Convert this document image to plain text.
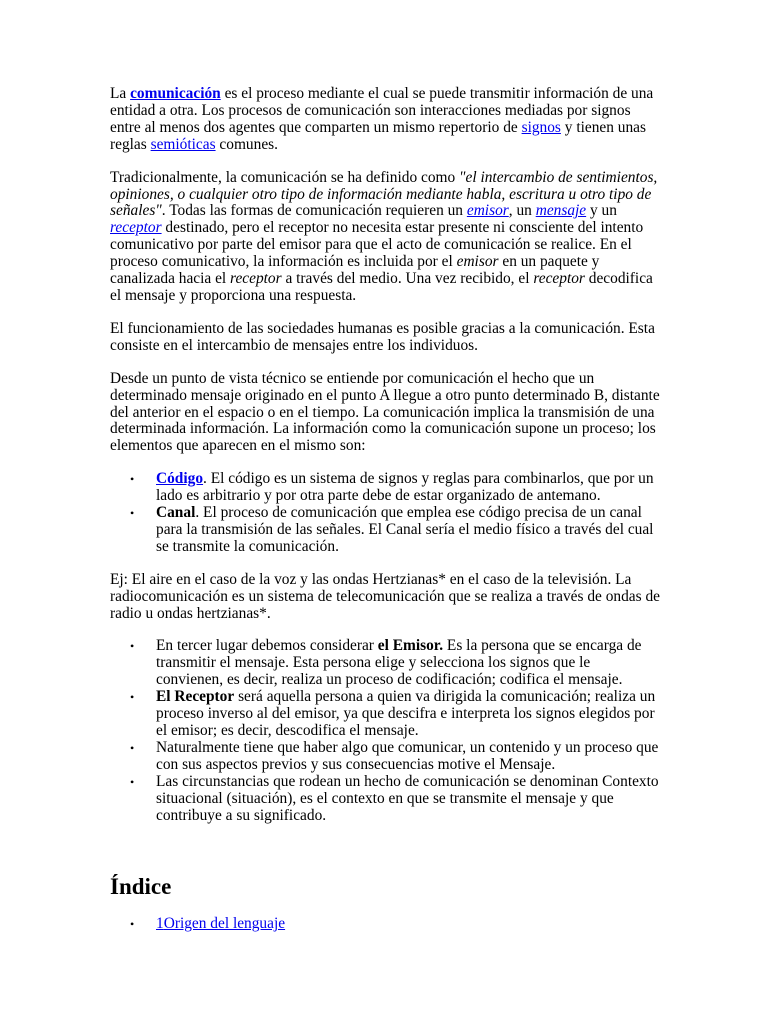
La comunicación es el proceso mediante el cual se puede transmitir información de una entidad a otra. Los procesos de comunicación son interacciones mediadas por signos entre al menos dos agentes que comparten un mismo repertorio de signos y tienen unas reglas semióticas comunes.

Tradicionalmente, la comunicación se ha definido como "el intercambio de sentimientos, opiniones, o cualquier otro tipo de información mediante habla, escritura u otro tipo de señales". Todas las formas de comunicación requieren un emisor, un mensaje y un receptor destinado, pero el receptor no necesita estar presente ni consciente del intento comunicativo por parte del emisor para que el acto de comunicación se realice. En el proceso comunicativo, la información es incluida por el emisor en un paquete y canalizada hacia el receptor a través del medio. Una vez recibido, el receptor decodifica el mensaje y proporciona una respuesta.

El funcionamiento de las sociedades humanas es posible gracias a la comunicación. Esta consiste en el intercambio de mensajes entre los individuos.

Desde un punto de vista técnico se entiende por comunicación el hecho que un determinado mensaje originado en el punto A llegue a otro punto determinado B, distante del anterior en el espacio o en el tiempo. La comunicación implica la transmisión de una determinada información. La información como la comunicación supone un proceso; los elementos que aparecen en el mismo son:

• Código. El código es un sistema de signos y reglas para combinarlos, que por un lado es arbitrario y por otra parte debe de estar organizado de antemano.
• Canal. El proceso de comunicación que emplea ese código precisa de un canal para la transmisión de las señales. El Canal sería el medio físico a través del cual se transmite la comunicación.

Ej: El aire en el caso de la voz y las ondas Hertzianas* en el caso de la televisión. La radiocomunicación es un sistema de telecomunicación que se realiza a través de ondas de radio u ondas hertzianas*.

• En tercer lugar debemos considerar el Emisor. Es la persona que se encarga de transmitir el mensaje. Esta persona elige y selecciona los signos que le convienen, es decir, realiza un proceso de codificación; codifica el mensaje.
• El Receptor será aquella persona a quien va dirigida la comunicación; realiza un proceso inverso al del emisor, ya que descifra e interpreta los signos elegidos por el emisor; es decir, descodifica el mensaje.
• Naturalmente tiene que haber algo que comunicar, un contenido y un proceso que con sus aspectos previos y sus consecuencias motive el Mensaje.
• Las circunstancias que rodean un hecho de comunicación se denominan Contexto situacional (situación), es el contexto en que se transmite el mensaje y que contribuye a su significado.
Índice
• 1Origen del lenguaje
